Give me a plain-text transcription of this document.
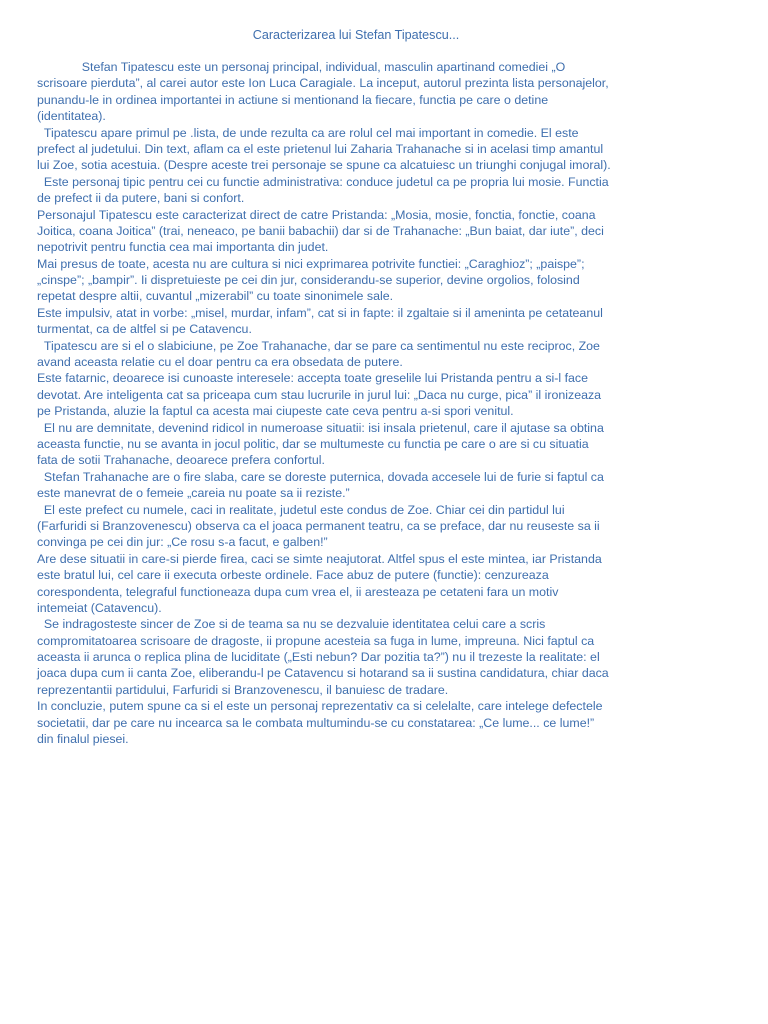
Caracterizarea lui Stefan Tipatescu...
Stefan Tipatescu este un personaj principal, individual, masculin apartinand comediei „O
scrisoare pierduta”, al carei autor este Ion Luca Caragiale. La inceput, autorul prezinta lista personajelor,
punandu-le in ordinea importantei in actiune si mentionand la fiecare, functia pe care o detine
(identitatea).
Tipatescu apare primul pe .lista, de unde rezulta ca are rolul cel mai important in comedie. El este
prefect al judetului. Din text, aflam ca el este prietenul lui Zaharia Trahanache si in acelasi timp amantul
lui Zoe, sotia acestuia. (Despre aceste trei personaje se spune ca alcatuiesc un triunghi conjugal imoral).
Este personaj tipic pentru cei cu functie administrativa: conduce judetul ca pe propria lui mosie. Functia
de prefect ii da putere, bani si confort.
Personajul Tipatescu este caracterizat direct de catre Pristanda: „Mosia, mosie, fonctia, fonctie, coana
Joitica, coana Joitica” (trai, neneaco, pe banii babachii) dar si de Trahanache: „Bun baiat, dar iute”, deci
nepotrivit pentru functia cea mai importanta din judet.
Mai presus de toate, acesta nu are cultura si nici exprimarea potrivite functiei: „Caraghioz”; „paispe”;
„cinspe”; „bampir”. Ii dispretuieste pe cei din jur, considerandu-se superior, devine orgolios, folosind
repetat despre altii, cuvantul „mizerabil” cu toate sinonimele sale.
Este impulsiv, atat in vorbe: „misel, murdar, infam”, cat si in fapte: il zgaltaie si il ameninta pe cetateanul
turmentat, ca de altfel si pe Catavencu.
Tipatescu are si el o slabiciune, pe Zoe Trahanache, dar se pare ca sentimentul nu este reciproc, Zoe
avand aceasta relatie cu el doar pentru ca era obsedata de putere.
Este fatarnic, deoarece isi cunoaste interesele: accepta toate greselile lui Pristanda pentru a si-l face
devotat. Are inteligenta cat sa priceapa cum stau lucrurile in jurul lui: „Daca nu curge, pica” il ironizeaza
pe Pristanda, aluzie la faptul ca acesta mai ciupeste cate ceva pentru a-si spori venitul.
El nu are demnitate, devenind ridicol in numeroase situatii: isi insala prietenul, care il ajutase sa obtina
aceasta functie, nu se avanta in jocul politic, dar se multumeste cu functia pe care o are si cu situatia
fata de sotii Trahanache, deoarece prefera confortul.
Stefan Trahanache are o fire slaba, care se doreste puternica, dovada accesele lui de furie si faptul ca
este manevrat de o femeie „careia nu poate sa ii reziste.”
El este prefect cu numele, caci in realitate, judetul este condus de Zoe. Chiar cei din partidul lui
(Farfuridi si Branzovenescu) observa ca el joaca permanent teatru, ca se preface, dar nu reuseste sa ii
convinga pe cei din jur: „Ce rosu s-a facut, e galben!”
Are dese situatii in care-si pierde firea, caci se simte neajutorat. Altfel spus el este mintea, iar Pristanda
este bratul lui, cel care ii executa orbeste ordinele. Face abuz de putere (functie): cenzureaza
corespondenta, telegraful functioneaza dupa cum vrea el, ii aresteaza pe cetateni fara un motiv
intemeiat (Catavencu).
Se indragosteste sincer de Zoe si de teama sa nu se dezvaluie identitatea celui care a scris
compromitatoarea scrisoare de dragoste, ii propune acesteia sa fuga in lume, impreuna. Nici faptul ca
aceasta ii arunca o replica plina de luciditate („Esti nebun? Dar pozitia ta?”) nu il trezeste la realitate: el
joaca dupa cum ii canta Zoe, eliberandu-l pe Catavencu si hotarand sa ii sustina candidatura, chiar daca
reprezentantii partidului, Farfuridi si Branzovenescu, il banuiesc de tradare.
In concluzie, putem spune ca si el este un personaj reprezentativ ca si celelalte, care intelege defectele
societatii, dar pe care nu incearca sa le combata multumindu-se cu constatarea: „Ce lume... ce lume!”
din finalul piesei.
